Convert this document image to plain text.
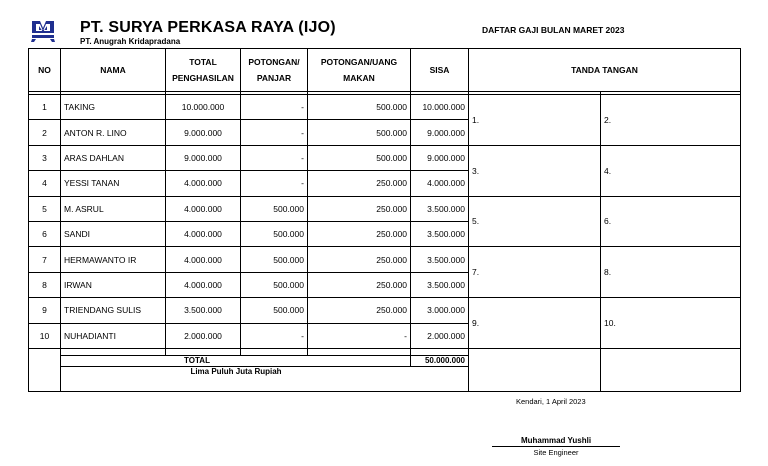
PT. SURYA PERKASA RAYA (IJO)
PT. Anugrah Kridapradana
DAFTAR GAJI BULAN MARET 2023
NO	NAMA	TOTAL PENGHASILAN	POTONGAN/ PANJAR	POTONGAN/UANG MAKAN	SISA	TANDA TANGAN	

1	TAKING	10.000.000	-	500.000	10.000.000	1.	2.
2	ANTON R. LINO	9.000.000	-	500.000	9.000.000		
3	ARAS DAHLAN	9.000.000	-	500.000	9.000.000	3.	4.
4	YESSI TANAN	4.000.000	-	250.000	4.000.000		
5	M. ASRUL	4.000.000	500.000	250.000	3.500.000	5.	6.
6	SANDI	4.000.000	500.000	250.000	3.500.000		
7	HERMAWANTO IR	4.000.000	500.000	250.000	3.500.000	7.	8.
8	IRWAN	4.000.000	500.000	250.000	3.500.000		
9	TRIENDANG SULIS	3.500.000	500.000	250.000	3.000.000	9.	10.
10	NUHADIANTI	2.000.000	-	-	2.000.000		

	TOTAL				50.000.000		
	Lima Puluh Juta Rupiah						
Kendari, 1 April 2023
Muhammad Yushli
Site Engineer
